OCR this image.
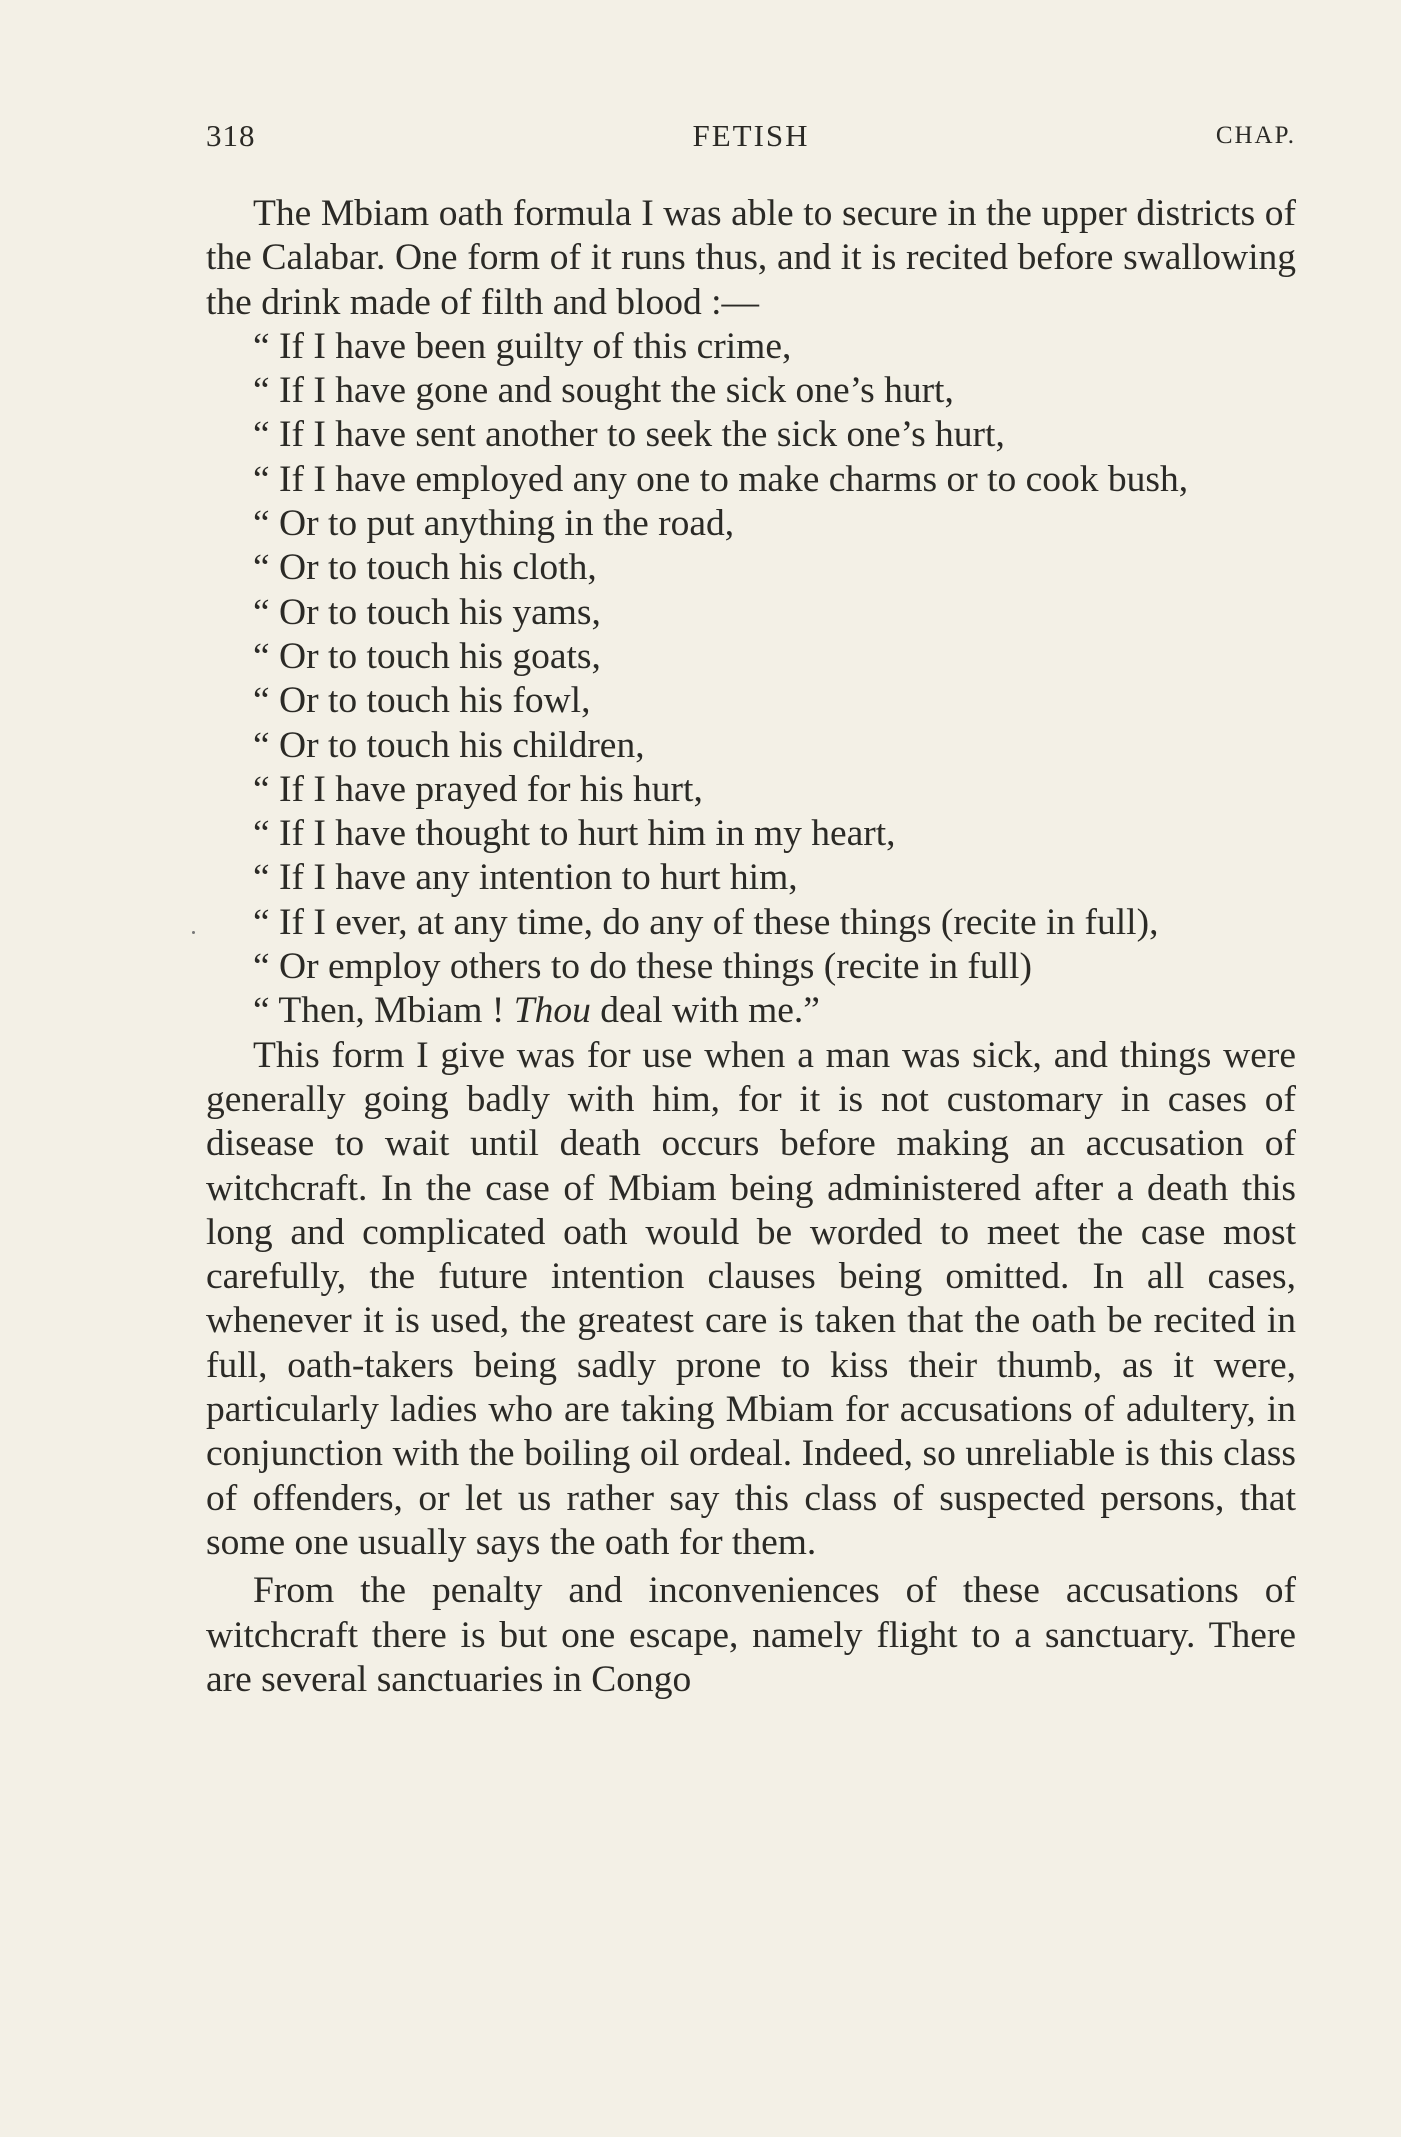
318	FETISH	CHAP.

The Mbiam oath formula I was able to secure in the upper districts of the Calabar. One form of it runs thus, and it is recited before swallowing the drink made of filth and blood :—

“ If I have been guilty of this crime,

“ If I have gone and sought the sick one’s hurt,

“ If I have sent another to seek the sick one’s hurt,

“ If I have employed any one to make charms or to cook bush,

“ Or to put anything in the road,

“ Or to touch his cloth,

“ Or to touch his yams,

“ Or to touch his goats,

“ Or to touch his fowl,

“ Or to touch his children,

“ If I have prayed for his hurt,

“ If I have thought to hurt him in my heart,

“ If I have any intention to hurt him,

“ If I ever, at any time, do any of these things (recite in full),

“ Or employ others to do these things (recite in full)

“ Then, Mbiam ! Thou deal with me.”

This form I give was for use when a man was sick, and things were generally going badly with him, for it is not customary in cases of disease to wait until death occurs before making an accusation of witchcraft. In the case of Mbiam being administered after a death this long and complicated oath would be worded to meet the case most carefully, the future intention clauses being omitted. In all cases, whenever it is used, the greatest care is taken that the oath be recited in full, oath-takers being sadly prone to kiss their thumb, as it were, particularly ladies who are taking Mbiam for accusations of adultery, in conjunction with the boiling oil ordeal. Indeed, so unreliable is this class of offenders, or let us rather say this class of suspected persons, that some one usually says the oath for them.

From the penalty and inconveniences of these accusations of witchcraft there is but one escape, namely flight to a sanctuary. There are several sanctuaries in Congo
